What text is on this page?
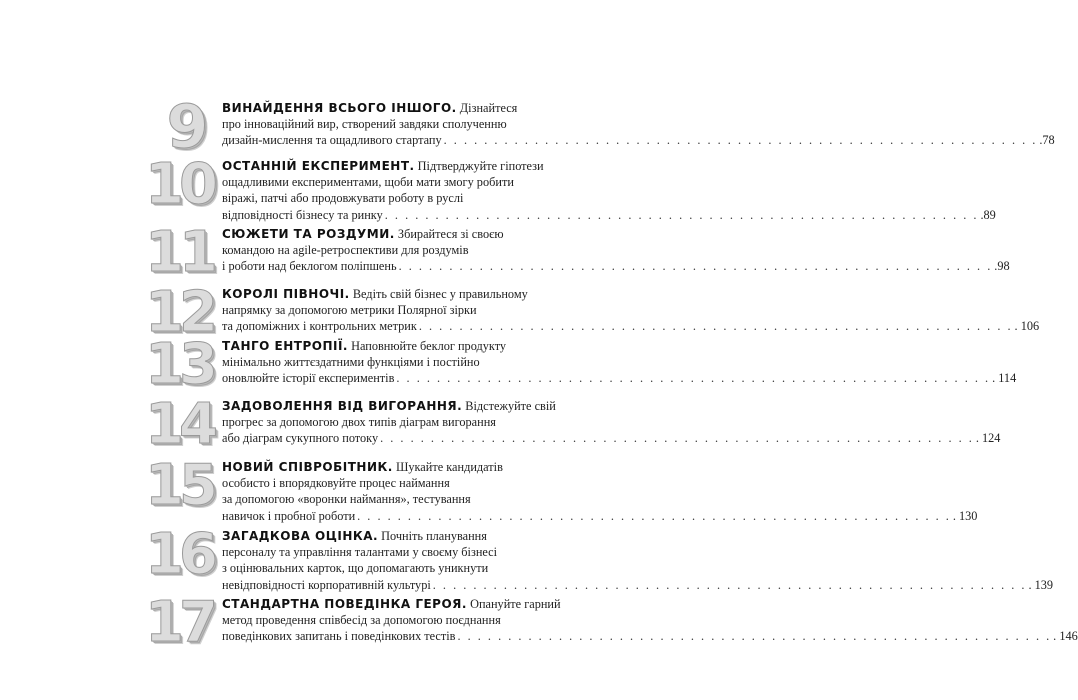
9	ВИНАЙДЕННЯ ВСЬОГО ІНШОГО. Дізнайтеся
про інноваційний вир, створений завдяки сполученню
дизайн-мислення та ощадливого стартапу . . .	.78
10 ОСТАННІЙ ЕКСПЕРИМЕНТ. Підтверджуйте гіпотези
ощадливими експериментами, щоби мати змогу робити
віражі, патчі або продовжувати роботу в руслі
відповідності бізнесу та ринку . . .	.89
11 СЮЖЕТИ ТА РОЗДУМИ. Збирайтеся зі своєю
командою на agile-ретроспективи для роздумів
і роботи над беклогом поліпшень . . .	.98
12 КОРОЛІ ПІВНОЧІ. Ведіть свій бізнес у правильному
напрямку за допомогою метрики Полярної зірки
та допоміжних і контрольних метрик . . .	. 106
13 ТАНГО ЕНТРОПІЇ. Наповнюйте беклог продукту
мінімально життєздатними функціями і постійно
оновлюйте історії експериментів . . .	. 114
14 ЗАДОВОЛЕННЯ ВІД ВИГОРАННЯ. Відстежуйте свій
прогрес за допомогою двох типів діаграм вигорання
або діаграм сукупного потоку . . .	. 124
15 НОВИЙ СПІВРОБІТНИК. Шукайте кандидатів
особисто і впорядковуйте процес наймання
за допомогою «воронки наймання», тестування
навичок і пробної роботи . . .	. 130
16 ЗАГАДКОВА ОЦІНКА. Почніть планування
персоналу та управління талантами у своєму бізнесі
з оцінювальних карток, що допомагають уникнути
невідповідності корпоративній культурі . . .	. 139
17 СТАНДАРТНА ПОВЕДІНКА ГЕРОЯ. Опануйте гарний
метод проведення співбесід за допомогою поєднання
поведінкових запитань і поведінкових тестів . . .	. 146
